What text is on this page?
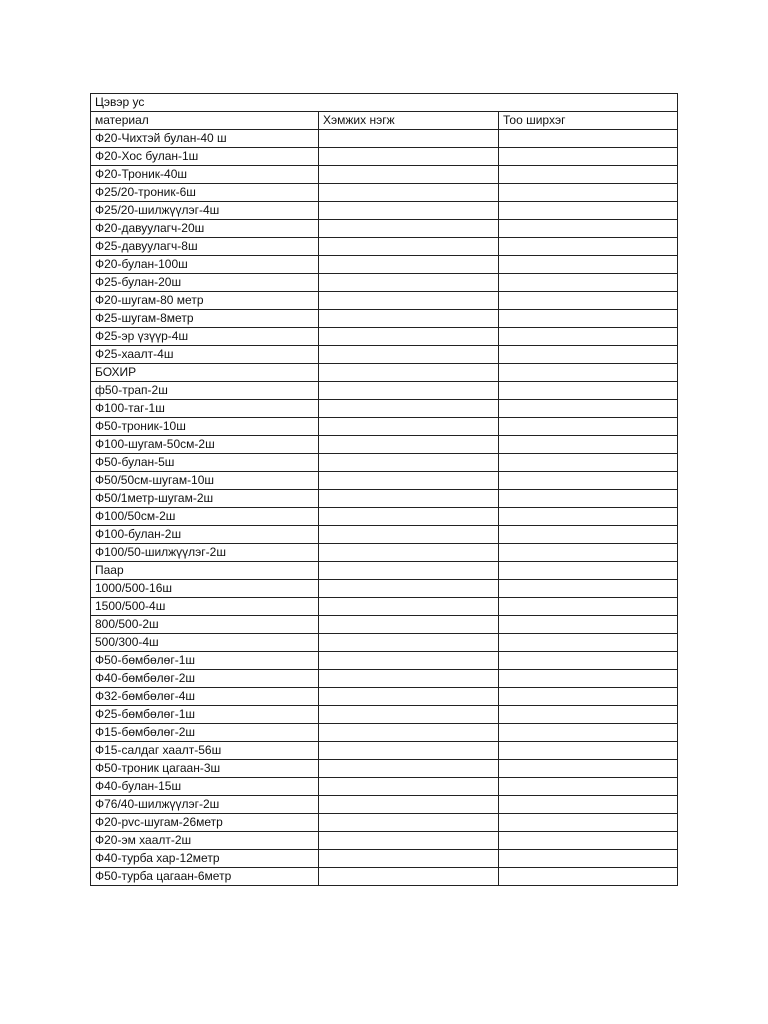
Цэвэр ус		
материал	Хэмжих нэгж	Тоо ширхэг
Ф20-Чихтэй булан-40 ш		
Ф20-Хос булан-1ш		
Ф20-Троник-40ш		
Ф25/20-троник-6ш		
Ф25/20-шилжүүлэг-4ш		
Ф20-давуулагч-20ш		
Ф25-давуулагч-8ш		
Ф20-булан-100ш		
Ф25-булан-20ш		
Ф20-шугам-80 метр		
Ф25-шугам-8метр		
Ф25-эр үзүүр-4ш		
Ф25-хаалт-4ш		
БОХИР		
ф50-трап-2ш		
Ф100-таг-1ш		
Ф50-троник-10ш		
Ф100-шугам-50см-2ш		
Ф50-булан-5ш		
Ф50/50см-шугам-10ш		
Ф50/1метр-шугам-2ш		
Ф100/50см-2ш		
Ф100-булан-2ш		
Ф100/50-шилжүүлэг-2ш		
Паар		
1000/500-16ш		
1500/500-4ш		
800/500-2ш		
500/300-4ш		
Ф50-бөмбөлөг-1ш		
Ф40-бөмбөлөг-2ш		
Ф32-бөмбөлөг-4ш		
Ф25-бөмбөлөг-1ш		
Ф15-бөмбөлөг-2ш		
Ф15-салдаг хаалт-56ш		
Ф50-троник цагаан-3ш		
Ф40-булан-15ш		
Ф76/40-шилжүүлэг-2ш		
Ф20-pvc-шугам-26метр		
Ф20-эм хаалт-2ш		
Ф40-турба хар-12метр		
Ф50-турба цагаан-6метр		
